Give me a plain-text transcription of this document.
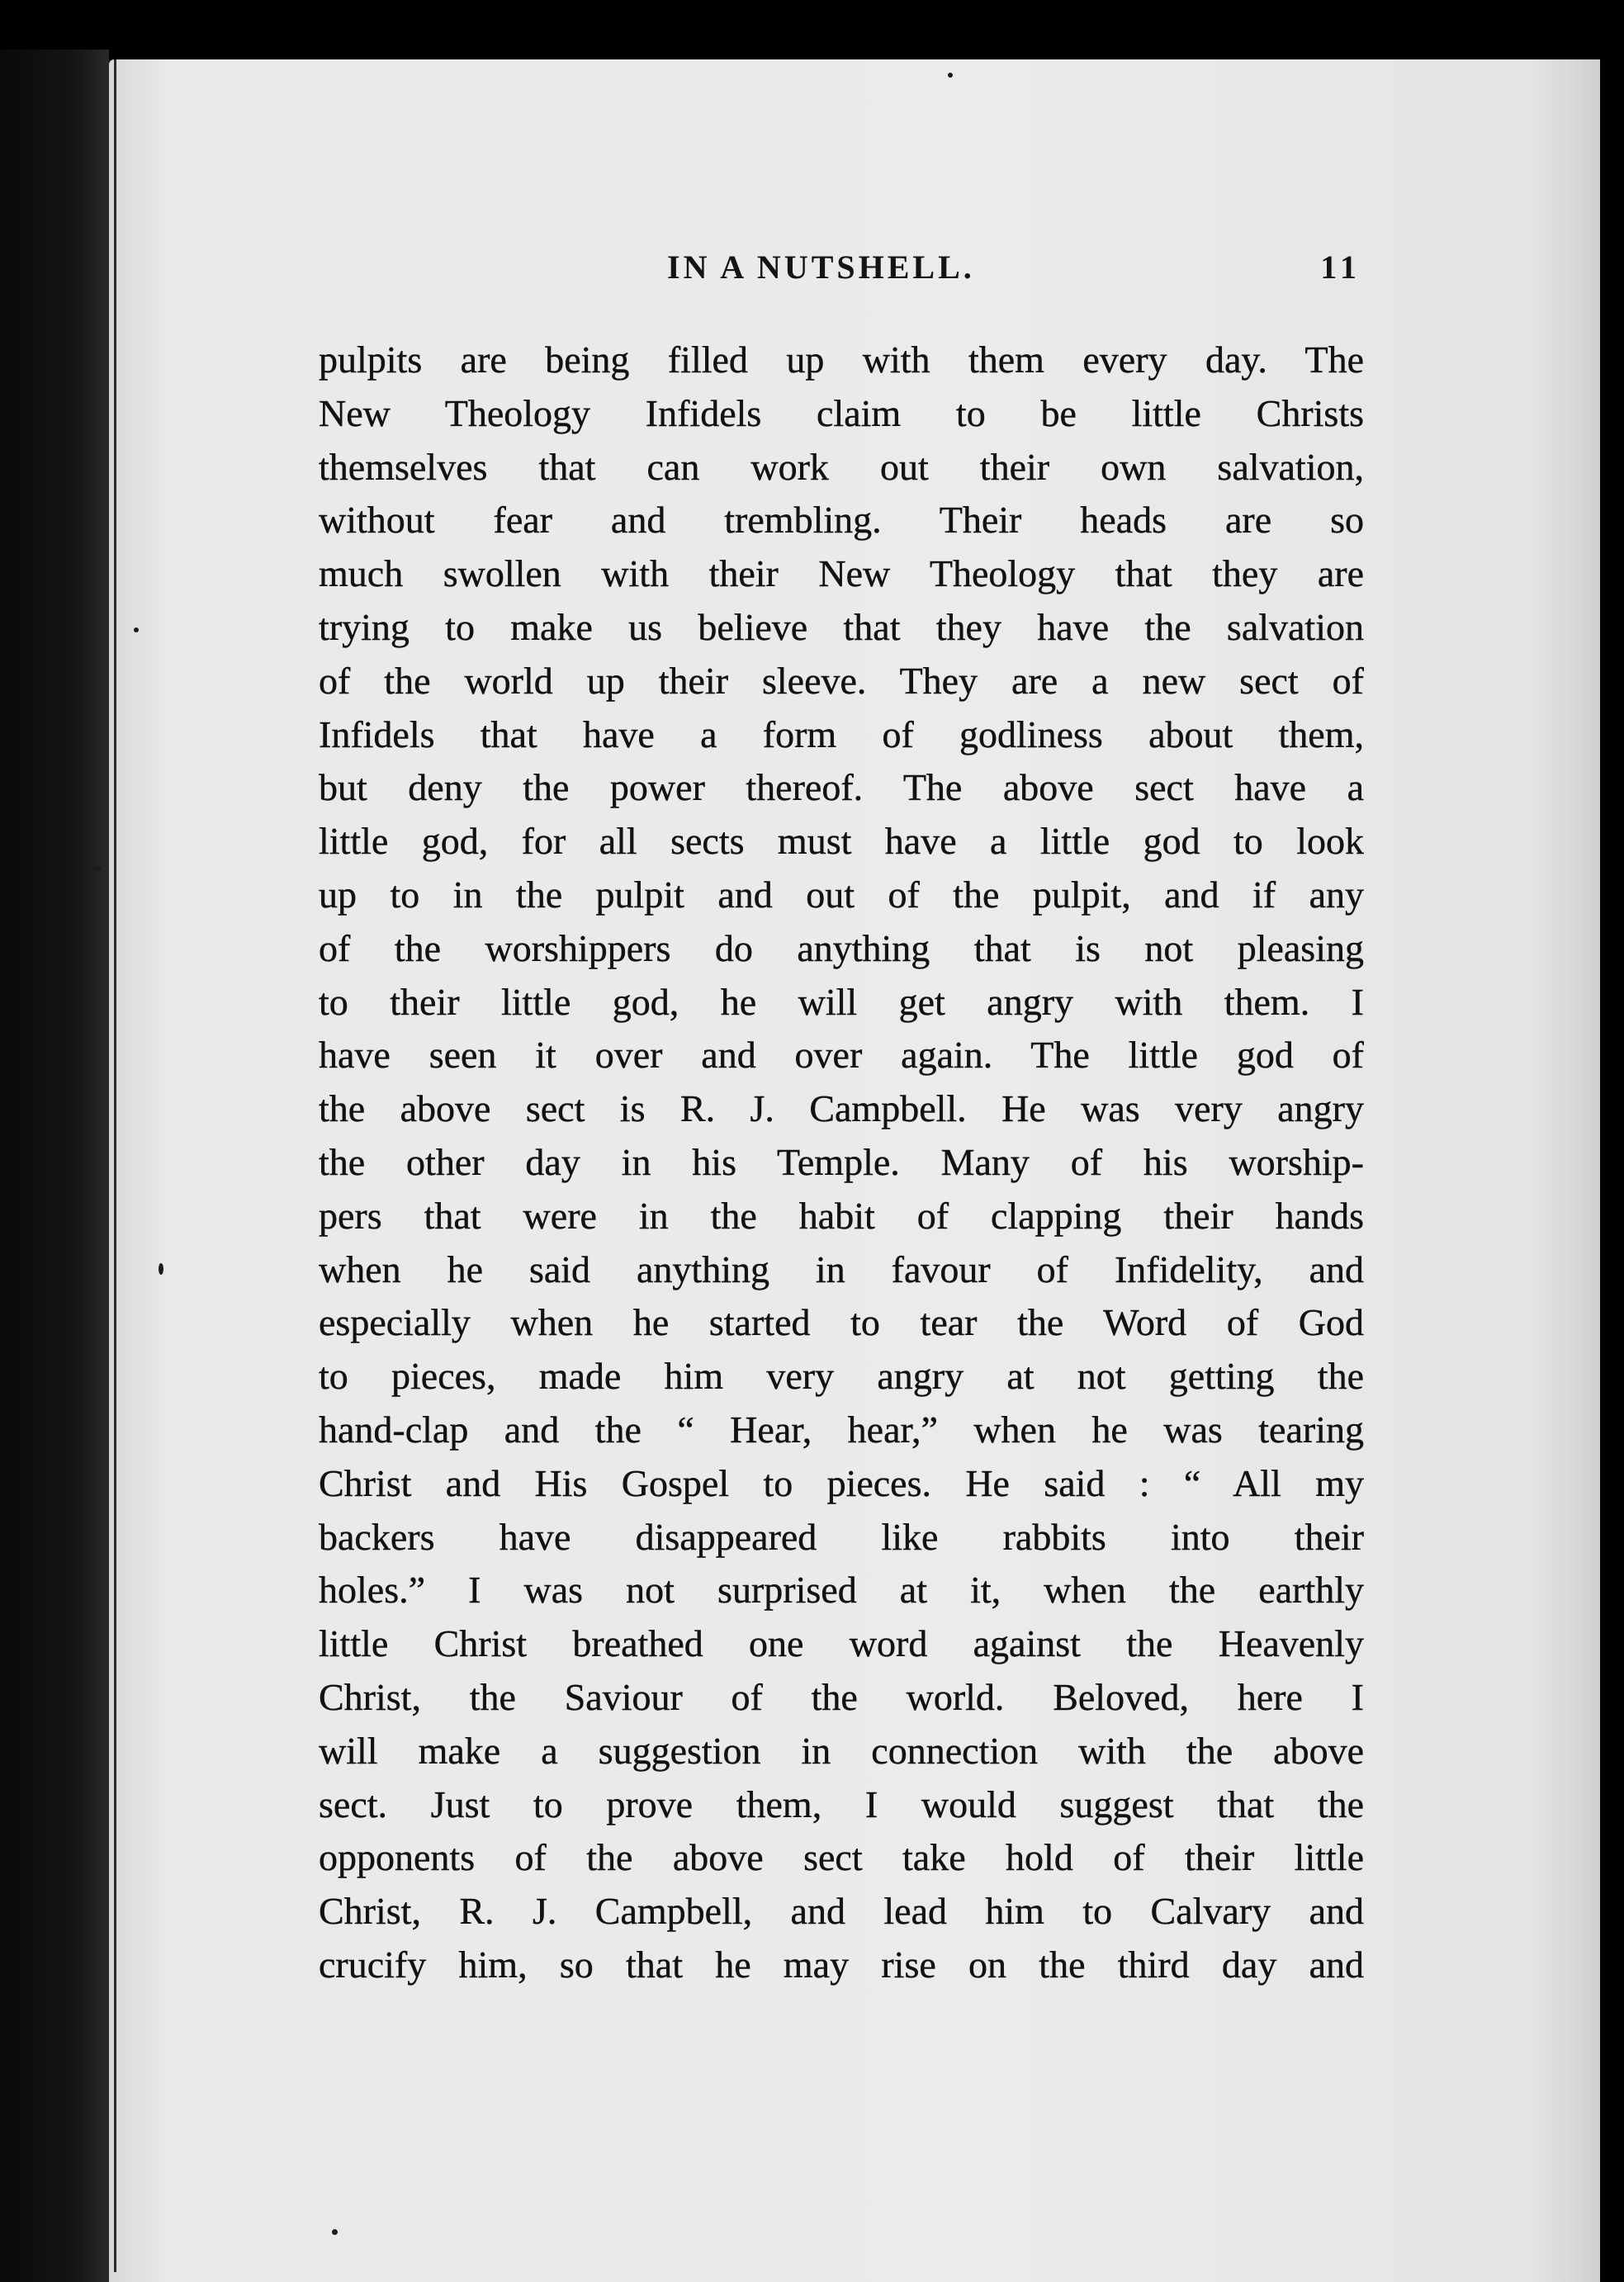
IN A NUTSHELL.	11
pulpits are being filled up with them every day. The
New Theology Infidels claim to be little Christs
themselves that can work out their own salvation,
without fear and trembling. Their heads are so
much swollen with their New Theology that they are
trying to make us believe that they have the salvation
of the world up their sleeve. They are a new sect of
Infidels that have a form of godliness about them,
but deny the power thereof. The above sect have a
little god, for all sects must have a little god to look
up to in the pulpit and out of the pulpit, and if any
of the worshippers do anything that is not pleasing
to their little god, he will get angry with them. I
have seen it over and over again. The little god of
the above sect is R. J. Campbell. He was very angry
the other day in his Temple. Many of his worship-
pers that were in the habit of clapping their hands
when he said anything in favour of Infidelity, and
especially when he started to tear the Word of God
to pieces, made him very angry at not getting the
hand-clap and the “ Hear, hear,” when he was tearing
Christ and His Gospel to pieces. He said : “ All my
backers have disappeared like rabbits into their
holes.” I was not surprised at it, when the earthly
little Christ breathed one word against the Heavenly
Christ, the Saviour of the world. Beloved, here I
will make a suggestion in connection with the above
sect. Just to prove them, I would suggest that the
opponents of the above sect take hold of their little
Christ, R. J. Campbell, and lead him to Calvary and
crucify him, so that he may rise on the third day and
